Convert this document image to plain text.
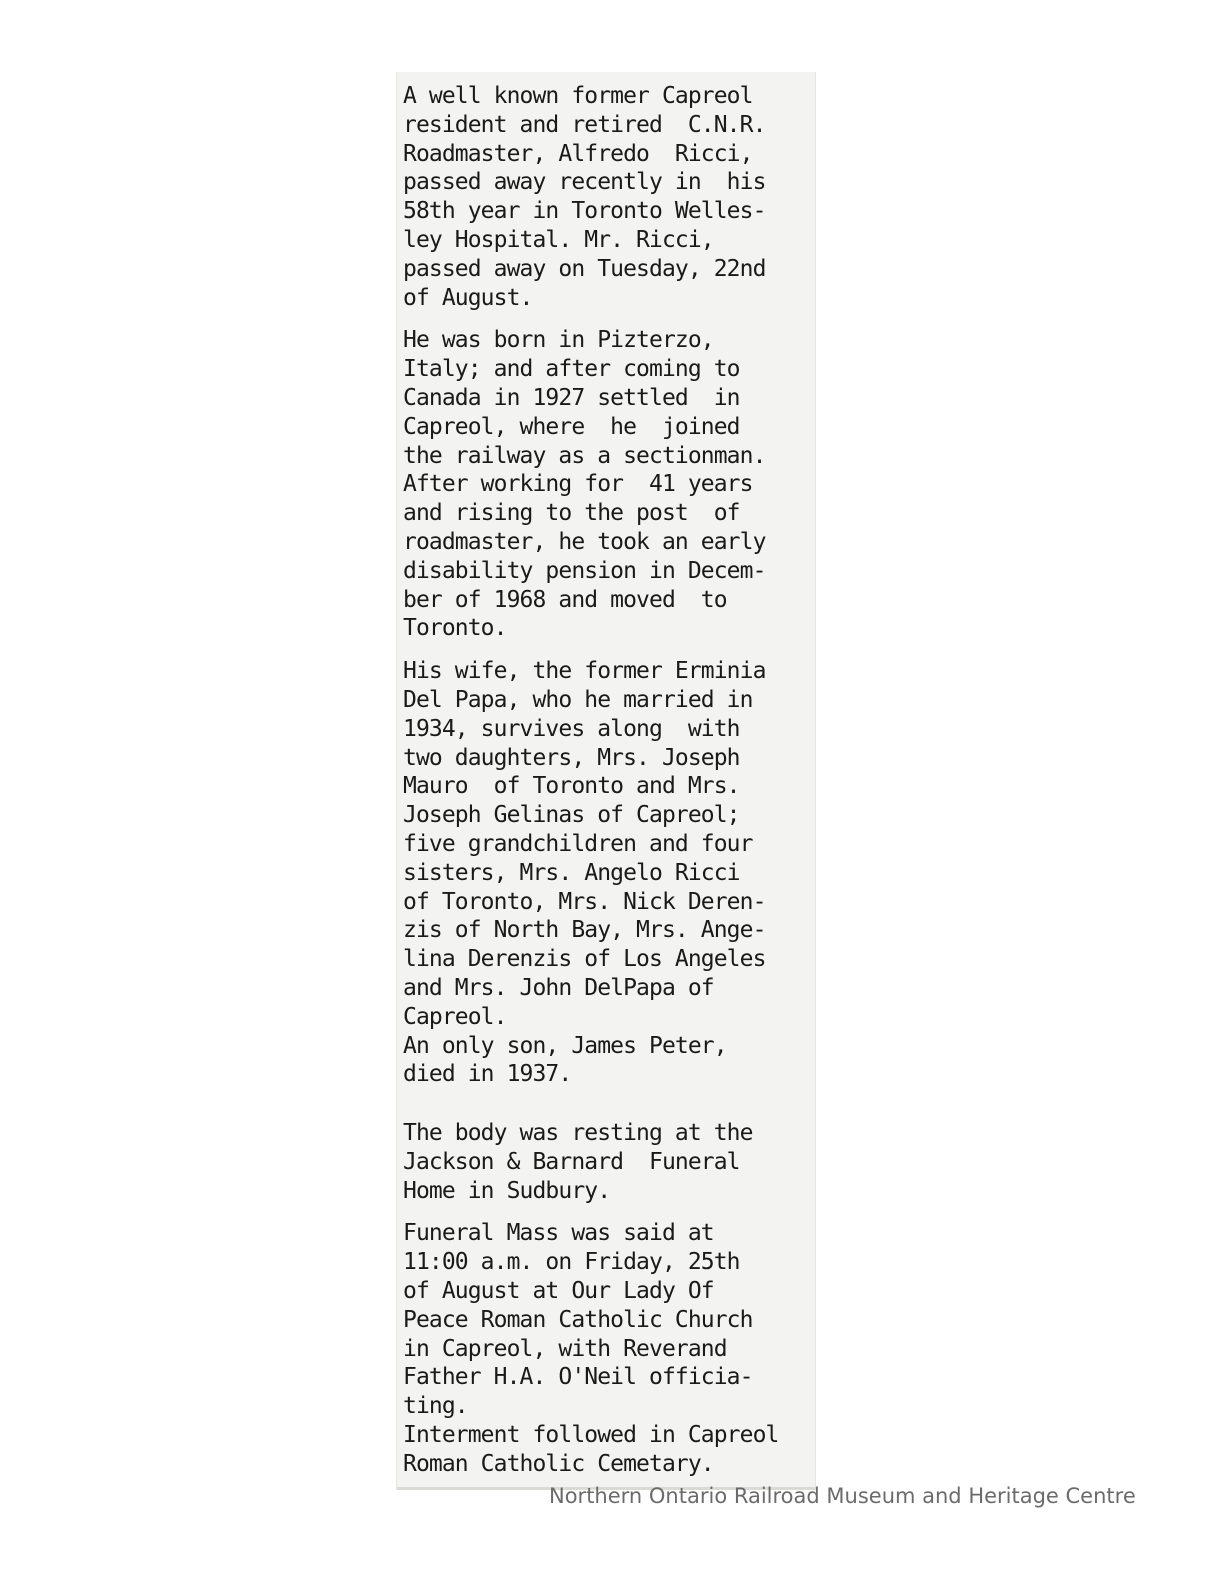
A well known former Capreol
resident and retired  C.N.R.
Roadmaster, Alfredo  Ricci,
passed away recently in  his
58th year in Toronto Welles-
ley Hospital. Mr. Ricci,
passed away on Tuesday, 22nd
of August.
He was born in Pizterzo,
Italy; and after coming to
Canada in 1927 settled  in
Capreol, where  he  joined
the railway as a sectionman.
After working for  41 years
and rising to the post  of
roadmaster, he took an early
disability pension in Decem-
ber of 1968 and moved  to
Toronto.
His wife, the former Erminia
Del Papa, who he married in
1934, survives along  with
two daughters, Mrs. Joseph
Mauro  of Toronto and Mrs.
Joseph Gelinas of Capreol;
five grandchildren and four
sisters, Mrs. Angelo Ricci
of Toronto, Mrs. Nick Deren-
zis of North Bay, Mrs. Ange-
lina Derenzis of Los Angeles
and Mrs. John DelPapa of
Capreol.
An only son, James Peter,
died in 1937.
The body was resting at the
Jackson & Barnard  Funeral
Home in Sudbury.
Funeral Mass was said at
11:00 a.m. on Friday, 25th
of August at Our Lady Of
Peace Roman Catholic Church
in Capreol, with Reverand
Father H.A. O'Neil officia-
ting.
Interment followed in Capreol
Roman Catholic Cemetary.
Northern Ontario Railroad Museum and Heritage Centre
